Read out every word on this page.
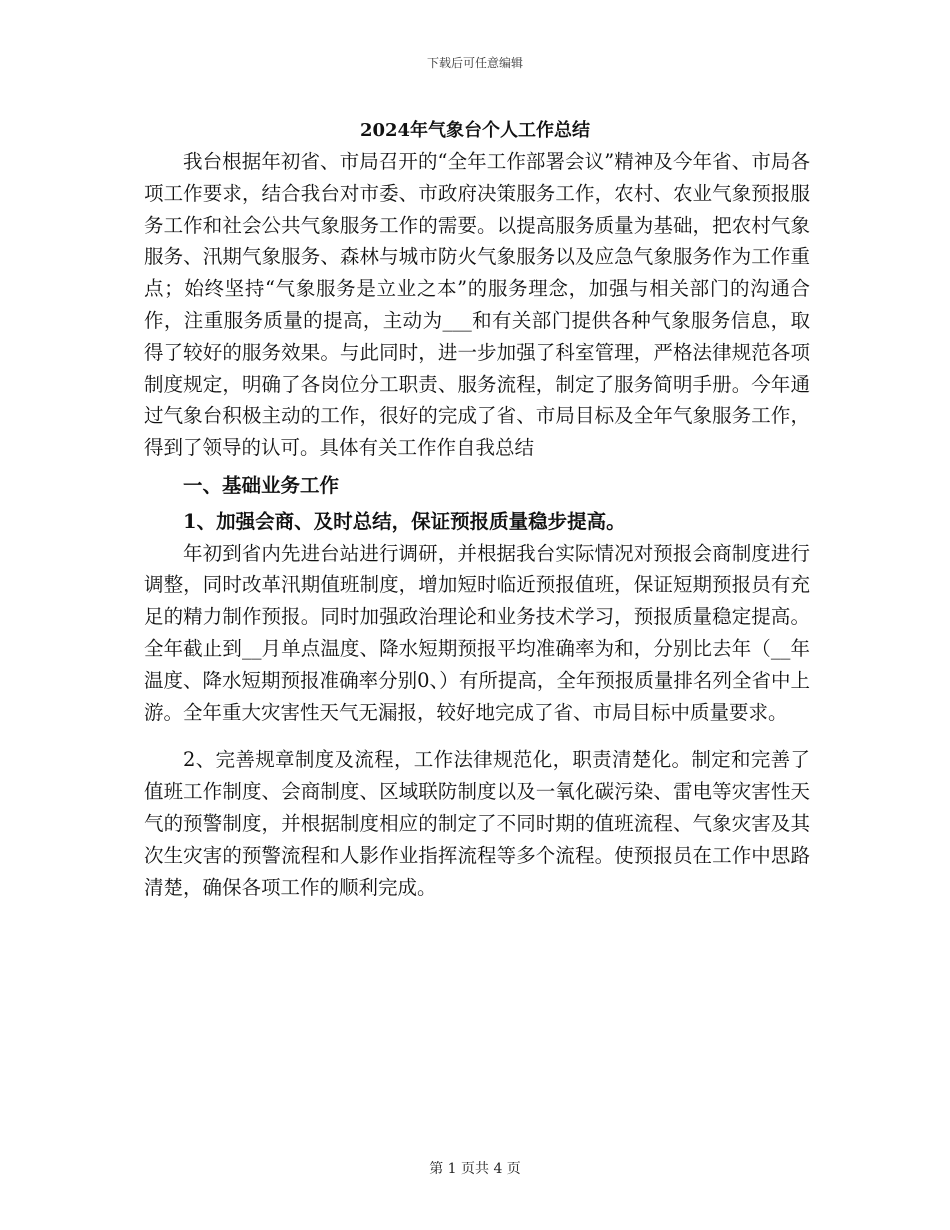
下载后可任意编辑
2024年气象台个人工作总结

我台根据年初省、市局召开的“全年工作部署会议”精神及今年省、市局各项工作要求，结合我台对市委、市政府决策服务工作，农村、农业气象预报服务工作和社会公共气象服务工作的需要。以提高服务质量为基础，把农村气象服务、汛期气象服务、森林与城市防火气象服务以及应急气象服务作为工作重点；始终坚持“气象服务是立业之本”的服务理念，加强与相关部门的沟通合作，注重服务质量的提高，主动为___和有关部门提供各种气象服务信息，取得了较好的服务效果。与此同时，进一步加强了科室管理，严格法律规范各项制度规定，明确了各岗位分工职责、服务流程，制定了服务简明手册。今年通过气象台积极主动的工作，很好的完成了省、市局目标及全年气象服务工作，得到了领导的认可。具体有关工作作自我总结

一、基础业务工作

1、加强会商、及时总结，保证预报质量稳步提高。

年初到省内先进台站进行调研，并根据我台实际情况对预报会商制度进行调整，同时改革汛期值班制度，增加短时临近预报值班，保证短期预报员有充足的精力制作预报。同时加强政治理论和业务技术学习，预报质量稳定提高。全年截止到__月单点温度、降水短期预报平均准确率为和，分别比去年（__年温度、降水短期预报准确率分别0、）有所提高，全年预报质量排名列全省中上游。全年重大灾害性天气无漏报，较好地完成了省、市局目标中质量要求。

2、完善规章制度及流程，工作法律规范化，职责清楚化。制定和完善了值班工作制度、会商制度、区域联防制度以及一氧化碳污染、雷电等灾害性天气的预警制度，并根据制度相应的制定了不同时期的值班流程、气象灾害及其次生灾害的预警流程和人影作业指挥流程等多个流程。使预报员在工作中思路清楚，确保各项工作的顺利完成。

第 1 页共 4 页
